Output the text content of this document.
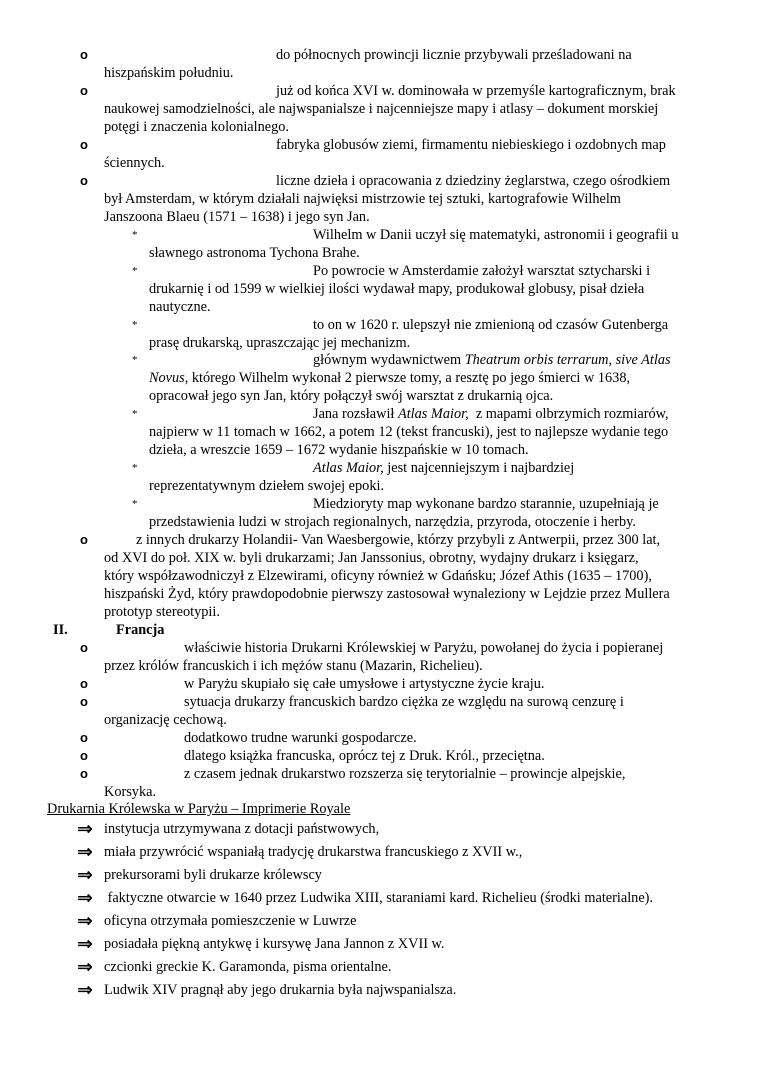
o	do północnych prowincji licznie przybywali prześladowani na
hiszpańskim południu.
o	już od końca XVI w. dominowała w przemyśle kartograficznym, brak
naukowej samodzielności, ale najwspanialsze i najcenniejsze mapy i atlasy – dokument morskiej
potęgi i znaczenia kolonialnego.
o	fabryka globusów ziemi, firmamentu niebieskiego i ozdobnych map
ściennych.
o	liczne dzieła i opracowania z dziedziny żeglarstwa, czego ośrodkiem
był Amsterdam, w którym działali najwięksi mistrzowie tej sztuki, kartografowie Wilhelm
Janszoona Blaeu (1571 – 1638) i jego syn Jan.
*	Wilhelm w Danii uczył się matematyki, astronomii i geografii u
sławnego astronoma Tychona Brahe.
*	Po powrocie w Amsterdamie założył warsztat sztycharski i
drukarnię i od 1599 w wielkiej ilości wydawał mapy, produkował globusy, pisał dzieła
nautyczne.
*	to on w 1620 r. ulepszył nie zmienioną od czasów Gutenberga
prasę drukarską, upraszczając jej mechanizm.
*	głównym wydawnictwem Theatrum orbis terrarum, sive Atlas
Novus, którego Wilhelm wykonał 2 pierwsze tomy, a resztę po jego śmierci w 1638,
opracował jego syn Jan, który połączył swój warsztat z drukarnią ojca.
*	Jana rozsławił Atlas Maior,  z mapami olbrzymich rozmiarów,
najpierw w 11 tomach w 1662, a potem 12 (tekst francuski), jest to najlepsze wydanie tego
dzieła, a wreszcie 1659 – 1672 wydanie hiszpańskie w 10 tomach.
*	Atlas Maior, jest najcenniejszym i najbardziej
reprezentatywnym dziełem swojej epoki.
*	Miedzioryty map wykonane bardzo starannie, uzupełniają je
przedstawienia ludzi w strojach regionalnych, narzędzia, przyroda, otoczenie i herby.
o	z innych drukarzy Holandii- Van Waesbergowie, którzy przybyli z Antwerpii, przez 300 lat,
od XVI do poł. XIX w. byli drukarzami; Jan Janssonius, obrotny, wydajny drukarz i księgarz,
który współzawodniczył z Elzewirami, oficyny również w Gdańsku; Józef Athis (1635 – 1700),
hiszpański Żyd, który prawdopodobnie pierwszy zastosował wynaleziony w Lejdzie przez Mullera
prototyp stereotypii.
II.	Francja
o	właściwie historia Drukarni Królewskiej w Paryżu, powołanej do życia i popieranej
przez królów francuskich i ich mężów stanu (Mazarin, Richelieu).
o	w Paryżu skupiało się całe umysłowe i artystyczne życie kraju.
o	sytuacja drukarzy francuskich bardzo ciężka ze względu na surową cenzurę i
organizację cechową.
o	dodatkowo trudne warunki gospodarcze.
o	dlatego książka francuska, oprócz tej z Druk. Król., przeciętna.
o	z czasem jednak drukarstwo rozszerza się terytorialnie – prowincje alpejskie,
Korsyka.
Drukarnia Królewska w Paryżu – Imprimerie Royale
⇒ instytucja utrzymywana z dotacji państwowych,
⇒ miała przywrócić wspaniałą tradycję drukarstwa francuskiego z XVII w.,
⇒ prekursorami byli drukarze królewscy
⇒ faktyczne otwarcie w 1640 przez Ludwika XIII, staraniami kard. Richelieu (środki materialne).
⇒ oficyna otrzymała pomieszczenie w Luwrze
⇒ posiadała piękną antykwę i kursywę Jana Jannon z XVII w.
⇒ czcionki greckie K. Garamonda, pisma orientalne.
⇒ Ludwik XIV pragnął aby jego drukarnia była najwspanialsza.
